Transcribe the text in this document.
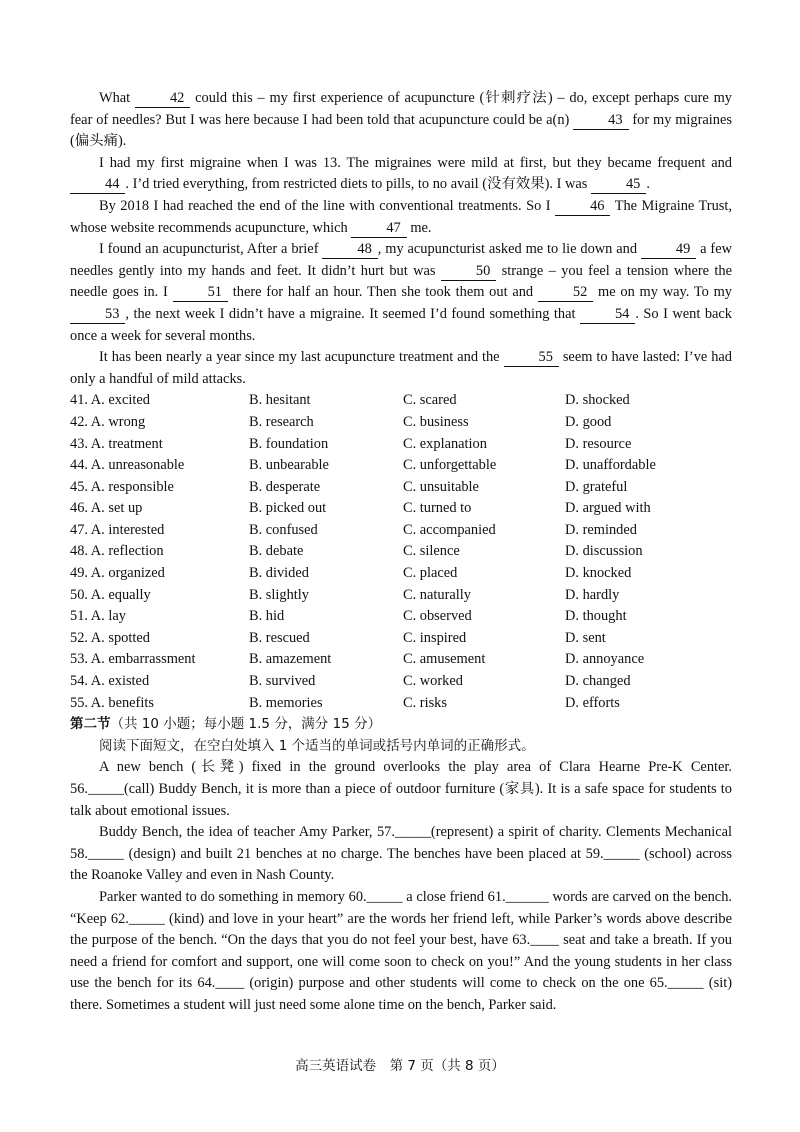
What 42 could this – my first experience of acupuncture (针刺疗法) – do, except perhaps cure my fear of needles? But I was here because I had been told that acupuncture could be a(n) 43 for my migraines (偏头痛).

I had my first migraine when I was 13. The migraines were mild at first, but they became frequent and 44 . I’d tried everything, from restricted diets to pills, to no avail (没有效果). I was 45 .

By 2018 I had reached the end of the line with conventional treatments. So I 46 The Migraine Trust, whose website recommends acupuncture, which 47 me.

I found an acupuncturist, After a brief 48 , my acupuncturist asked me to lie down and 49 a few needles gently into my hands and feet. It didn’t hurt but was 50 strange – you feel a tension where the needle goes in. I 51 there for half an hour. Then she took them out and 52 me on my way. To my 53 , the next week I didn’t have a migraine. It seemed I’d found something that 54 . So I went back once a week for several months.

It has been nearly a year since my last acupuncture treatment and the 55 seem to have lasted: I’ve had only a handful of mild attacks.

41. A. excited	B. hesitant	C. scared	D. shocked
42. A. wrong	B. research	C. business	D. good
43. A. treatment	B. foundation	C. explanation	D. resource
44. A. unreasonable	B. unbearable	C. unforgettable	D. unaffordable
45. A. responsible	B. desperate	C. unsuitable	D. grateful
46. A. set up	B. picked out	C. turned to	D. argued with
47. A. interested	B. confused	C. accompanied	D. reminded
48. A. reflection	B. debate	C. silence	D. discussion
49. A. organized	B. divided	C. placed	D. knocked
50. A. equally	B. slightly	C. naturally	D. hardly
51. A. lay	B. hid	C. observed	D. thought
52. A. spotted	B. rescued	C. inspired	D. sent
53. A. embarrassment	B. amazement	C. amusement	D. annoyance
54. A. existed	B. survived	C. worked	D. changed
55. A. benefits	B. memories	C. risks	D. efforts

第二节（共 10 小题；每小题 1.5 分，满分 15 分）

阅读下面短文，在空白处填入 1 个适当的单词或括号内单词的正确形式。

A new bench (长凳) fixed in the ground overlooks the play area of Clara Hearne Pre-K Center. 56._____(call) Buddy Bench, it is more than a piece of outdoor furniture (家具). It is a safe space for students to talk about emotional issues.

Buddy Bench, the idea of teacher Amy Parker, 57._____(represent) a spirit of charity. Clements Mechanical 58._____ (design) and built 21 benches at no charge. The benches have been placed at 59._____ (school) across the Roanoke Valley and even in Nash County.

Parker wanted to do something in memory 60._____ a close friend 61.______ words are carved on the bench. “Keep 62._____ (kind) and love in your heart” are the words her friend left, while Parker’s words above describe the purpose of the bench. “On the days that you do not feel your best, have 63.____ seat and take a breath. If you need a friend for comfort and support, one will come soon to check on you!” And the young students in her class use the bench for its 64.____ (origin) purpose and other students will come to check on the one 65._____ (sit) there. Sometimes a student will just need some alone time on the bench, Parker said.

高三英语试卷　第 7 页（共 8 页）
